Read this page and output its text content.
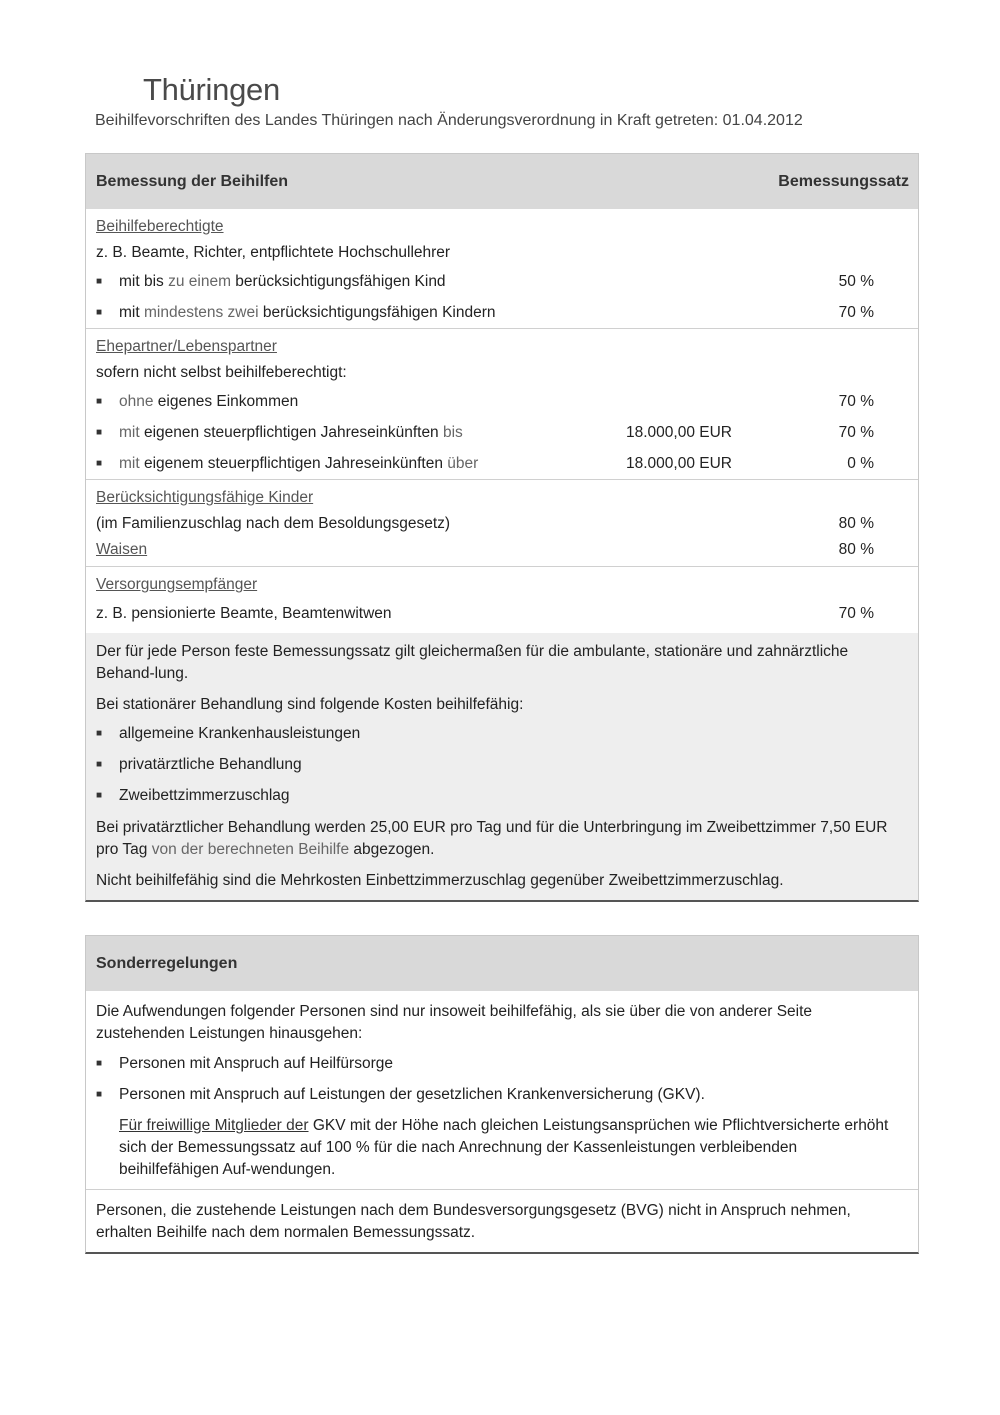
Thüringen
Beihilfevorschriften des Landes Thüringen nach Änderungsverordnung in Kraft getreten: 01.04.2012
Bemessung der Beihilfen	Bemessungssatz
Beihilfeberechtigte
z. B. Beamte, Richter, entpflichtete Hochschullehrer
■ mit bis zu einem berücksichtigungsfähigen Kind	50 %
■ mit mindestens zwei berücksichtigungsfähigen Kindern	70 %
Ehepartner/Lebenspartner
sofern nicht selbst beihilfeberechtigt:
■ ohne eigenes Einkommen	70 %
■ mit eigenen steuerpflichtigen Jahreseinkünften bis	18.000,00 EUR	70 %
■ mit eigenem steuerpflichtigen Jahreseinkünften über	18.000,00 EUR	0 %
Berücksichtigungsfähige Kinder
(im Familienzuschlag nach dem Besoldungsgesetz)	80 %
Waisen	80 %
Versorgungsempfänger
z. B. pensionierte Beamte, Beamtenwitwen	70 %

Der für jede Person feste Bemessungssatz gilt gleichermaßen für die ambulante, stationäre und zahnärztliche Behand-lung.

Bei stationärer Behandlung sind folgende Kosten beihilfefähig:

■ allgemeine Krankenhausleistungen
■ privatärztliche Behandlung
■ Zweibettzimmerzuschlag

Bei privatärztlicher Behandlung werden 25,00 EUR pro Tag und für die Unterbringung im Zweibettzimmer 7,50 EUR pro Tag von der berechneten Beihilfe abgezogen.

Nicht beihilfefähig sind die Mehrkosten Einbettzimmerzuschlag gegenüber Zweibettzimmerzuschlag.

Sonderregelungen

Die Aufwendungen folgender Personen sind nur insoweit beihilfefähig, als sie über die von anderer Seite zustehenden Leistungen hinausgehen:

■ Personen mit Anspruch auf Heilfürsorge
■ Personen mit Anspruch auf Leistungen der gesetzlichen Krankenversicherung (GKV).

Für freiwillige Mitglieder der GKV mit der Höhe nach gleichen Leistungsansprüchen wie Pflichtversicherte erhöht sich der Bemessungssatz auf 100 % für die nach Anrechnung der Kassenleistungen verbleibenden beihilfefähigen Auf-wendungen.

Personen, die zustehende Leistungen nach dem Bundesversorgungsgesetz (BVG) nicht in Anspruch nehmen, erhalten Beihilfe nach dem normalen Bemessungssatz.
